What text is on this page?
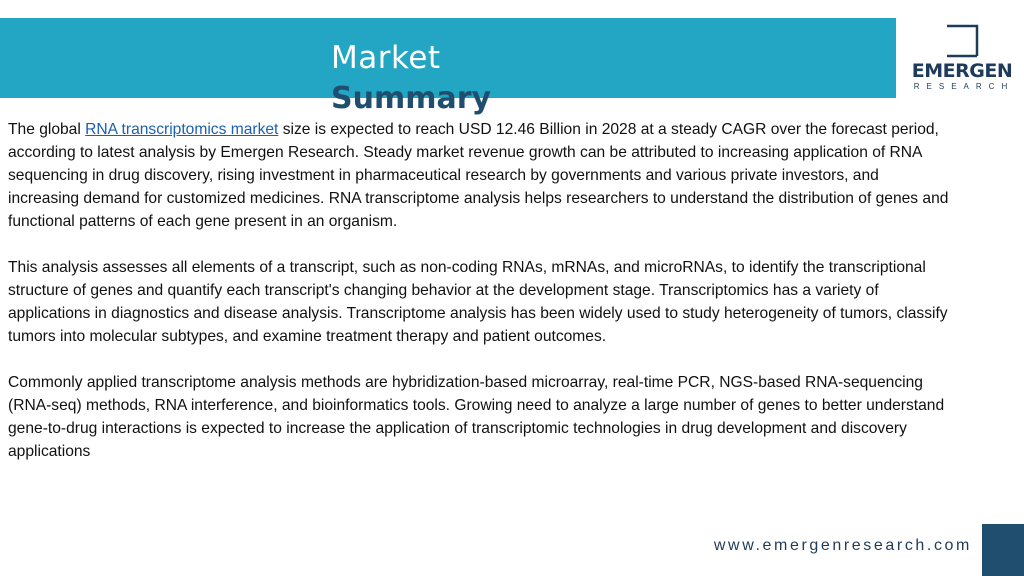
Market
Summary
EMERGEN
RESEARCH

The global RNA transcriptomics market size is expected to reach USD 12.46 Billion in 2028 at a steady CAGR over the forecast period, according to latest analysis by Emergen Research. Steady market revenue growth can be attributed to increasing application of RNA sequencing in drug discovery, rising investment in pharmaceutical research by governments and various private investors, and increasing demand for customized medicines. RNA transcriptome analysis helps researchers to understand the distribution of genes and functional patterns of each gene present in an organism.

This analysis assesses all elements of a transcript, such as non-coding RNAs, mRNAs, and microRNAs, to identify the transcriptional structure of genes and quantify each transcript's changing behavior at the development stage. Transcriptomics has a variety of applications in diagnostics and disease analysis. Transcriptome analysis has been widely used to study heterogeneity of tumors, classify tumors into molecular subtypes, and examine treatment therapy and patient outcomes.

Commonly applied transcriptome analysis methods are hybridization-based microarray, real-time PCR, NGS-based RNA-sequencing (RNA-seq) methods, RNA interference, and bioinformatics tools. Growing need to analyze a large number of genes to better understand gene-to-drug interactions is expected to increase the application of transcriptomic technologies in drug development and discovery applications

www.emergenresearch.com
